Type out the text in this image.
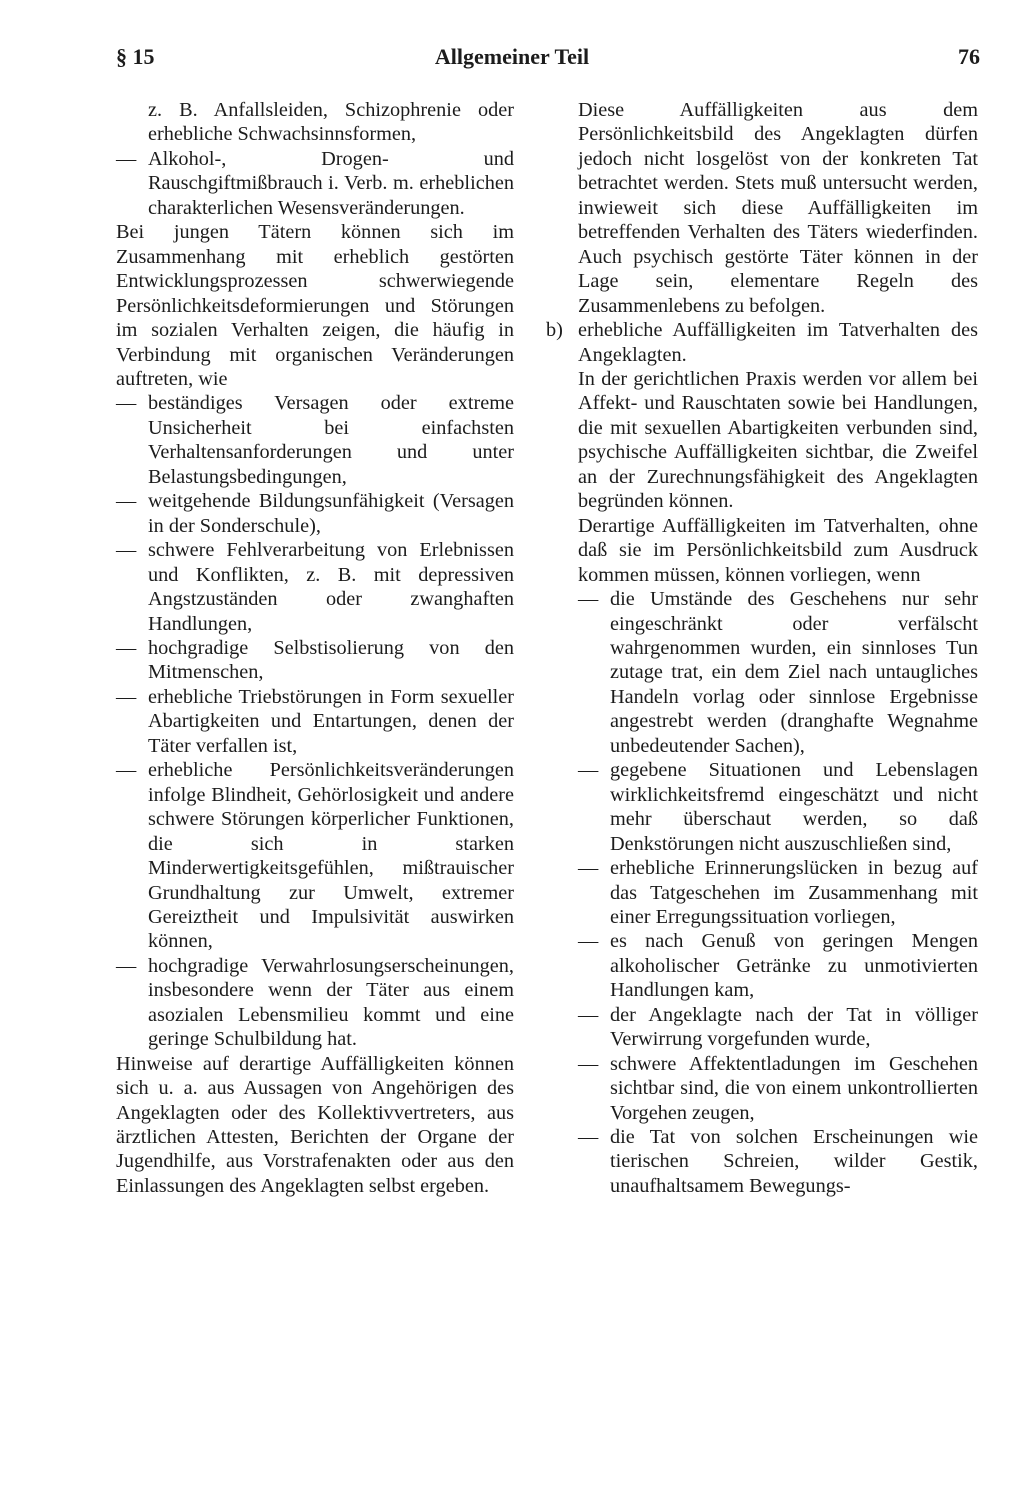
§ 15	Allgemeiner Teil	76

z. B. Anfallsleiden, Schizophrenie oder erhebliche Schwachsinnsformen,

— Alkohol-, Drogen- und Rauschgiftmißbrauch i. Verb. m. erheblichen charakterlichen Wesensveränderungen.

Bei jungen Tätern können sich im Zusammenhang mit erheblich gestörten Entwicklungsprozessen schwerwiegende Persönlichkeitsdeformierungen und Störungen im sozialen Verhalten zeigen, die häufig in Verbindung mit organischen Veränderungen auftreten, wie

— beständiges Versagen oder extreme Unsicherheit bei einfachsten Verhaltensanforderungen und unter Belastungsbedingungen,

— weitgehende Bildungsunfähigkeit (Versagen in der Sonderschule),

— schwere Fehlverarbeitung von Erlebnissen und Konflikten, z. B. mit depressiven Angstzuständen oder zwanghaften Handlungen,

— hochgradige Selbstisolierung von den Mitmenschen,

— erhebliche Triebstörungen in Form sexueller Abartigkeiten und Entartungen, denen der Täter verfallen ist,

— erhebliche Persönlichkeitsveränderungen infolge Blindheit, Gehörlosigkeit und andere schwere Störungen körperlicher Funktionen, die sich in starken Minderwertigkeitsgefühlen, mißtrauischer Grundhaltung zur Umwelt, extremer Gereiztheit und Impulsivität auswirken können,

— hochgradige Verwahrlosungserscheinungen, insbesondere wenn der Täter aus einem asozialen Lebensmilieu kommt und eine geringe Schulbildung hat.

Hinweise auf derartige Auffälligkeiten können sich u. a. aus Aussagen von Angehörigen des Angeklagten oder des Kollektivvertreters, aus ärztlichen Attesten, Berichten der Organe der Jugendhilfe, aus Vorstrafenakten oder aus den Einlassungen des Angeklagten selbst ergeben.

Diese Auffälligkeiten aus dem Persönlichkeitsbild des Angeklagten dürfen jedoch nicht losgelöst von der konkreten Tat betrachtet werden. Stets muß untersucht werden, inwieweit sich diese Auffälligkeiten im betreffenden Verhalten des Täters wiederfinden. Auch psychisch gestörte Täter können in der Lage sein, elementare Regeln des Zusammenlebens zu befolgen.

b) erhebliche Auffälligkeiten im Tatverhalten des Angeklagten.

In der gerichtlichen Praxis werden vor allem bei Affekt- und Rauschtaten sowie bei Handlungen, die mit sexuellen Abartigkeiten verbunden sind, psychische Auffälligkeiten sichtbar, die Zweifel an der Zurechnungsfähigkeit des Angeklagten begründen können.

Derartige Auffälligkeiten im Tatverhalten, ohne daß sie im Persönlichkeitsbild zum Ausdruck kommen müssen, können vorliegen, wenn

— die Umstände des Geschehens nur sehr eingeschränkt oder verfälscht wahrgenommen wurden, ein sinnloses Tun zutage trat, ein dem Ziel nach untaugliches Handeln vorlag oder sinnlose Ergebnisse angestrebt werden (dranghafte Wegnahme unbedeutender Sachen),

— gegebene Situationen und Lebenslagen wirklichkeitsfremd eingeschätzt und nicht mehr überschaut werden, so daß Denkstörungen nicht auszuschließen sind,

— erhebliche Erinnerungslücken in bezug auf das Tatgeschehen im Zusammenhang mit einer Erregungssituation vorliegen,

— es nach Genuß von geringen Mengen alkoholischer Getränke zu unmotivierten Handlungen kam,

— der Angeklagte nach der Tat in völliger Verwirrung vorgefunden wurde,

— schwere Affektentladungen im Geschehen sichtbar sind, die von einem unkontrollierten Vorgehen zeugen,

— die Tat von solchen Erscheinungen wie tierischen Schreien, wilder Gestik, unaufhaltsamem Bewegungs-
